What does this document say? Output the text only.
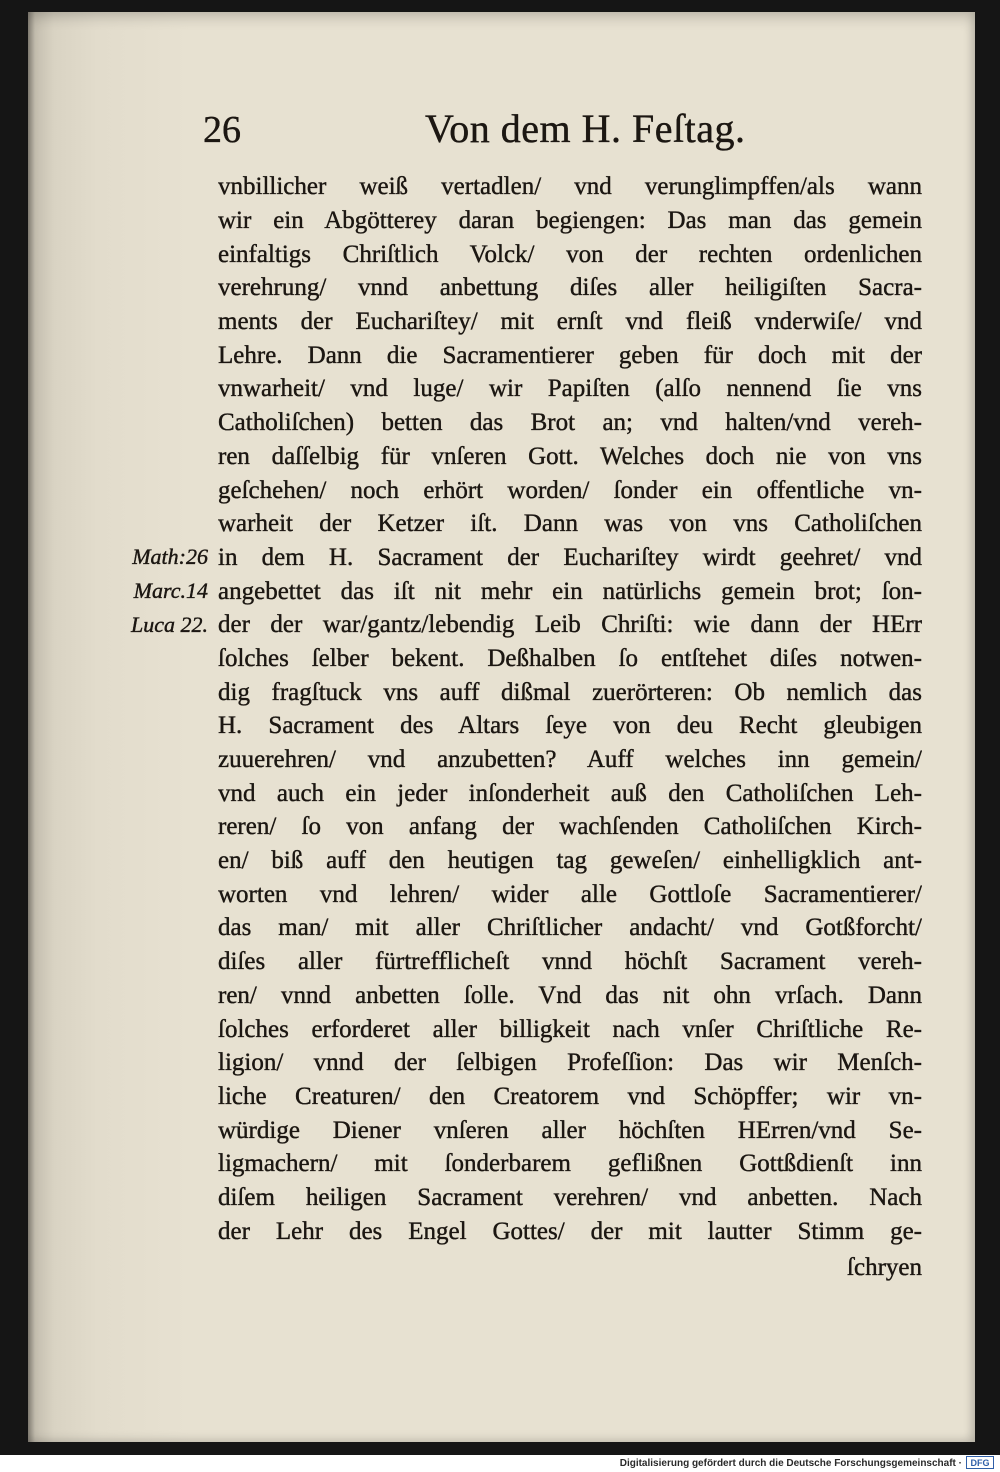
26	Von dem H. Feſtag.
vnbillicher weiß vertadlen/ vnd verunglimpffen/als wann
wir ein Abgötterey daran begiengen: Das man das gemein
einfaltigs Chriſtlich Volck/ von der rechten ordenlichen
verehrung/ vnnd anbettung diſes aller heiligiſten Sacra-
ments der Euchariſtey/ mit ernſt vnd fleiß vnderwiſe/ vnd
Lehre. Dann die Sacramentierer geben für doch mit der
vnwarheit/ vnd luge/ wir Papiſten (alſo nennend ſie vns
Catholiſchen) betten das Brot an; vnd halten/vnd vereh-
ren daſſelbig für vnſeren Gott. Welches doch nie von vns
geſchehen/ noch erhört worden/ ſonder ein offentliche vn-
warheit der Ketzer iſt. Dann was von vns Catholiſchen
Math:26 in dem H. Sacrament der Euchariſtey wirdt geehret/ vnd
Marc.14 angebettet das iſt nit mehr ein natürlichs gemein brot; ſon-
Luca 22. der der war/gantz/lebendig Leib Chriſti: wie dann der HErr
ſolches ſelber bekent. Deßhalben ſo entſtehet diſes notwen-
dig fragſtuck vns auff dißmal zuerörteren: Ob nemlich das
H. Sacrament des Altars ſeye von deu Recht gleubigen
zuuerehren/ vnd anzubetten? Auff welches inn gemein/
vnd auch ein jeder inſonderheit auß den Catholiſchen Leh-
reren/ ſo von anfang der wachſenden Catholiſchen Kirch-
en/ biß auff den heutigen tag geweſen/ einhelligklich ant-
worten vnd lehren/ wider alle Gottloſe Sacramentierer/
das man/ mit aller Chriſtlicher andacht/ vnd Gotßforcht/
diſes aller fürtrefflicheſt vnnd höchſt Sacrament vereh-
ren/ vnnd anbetten ſolle. Vnd das nit ohn vrſach. Dann
ſolches erforderet aller billigkeit nach vnſer Chriſtliche Re-
ligion/ vnnd der ſelbigen Profeſſion: Das wir Menſch-
liche Creaturen/ den Creatorem vnd Schöpffer; wir vn-
würdige Diener vnſeren aller höchſten HErren/vnd Se-
ligmachern/ mit ſonderbarem geflißnen Gottßdienſt inn
diſem heiligen Sacrament verehren/ vnd anbetten. Nach
der Lehr des Engel Gottes/ der mit lautter Stimm ge-
ſchryen
Digitalisierung gefördert durch die Deutsche Forschungsgemeinschaft · DFG
